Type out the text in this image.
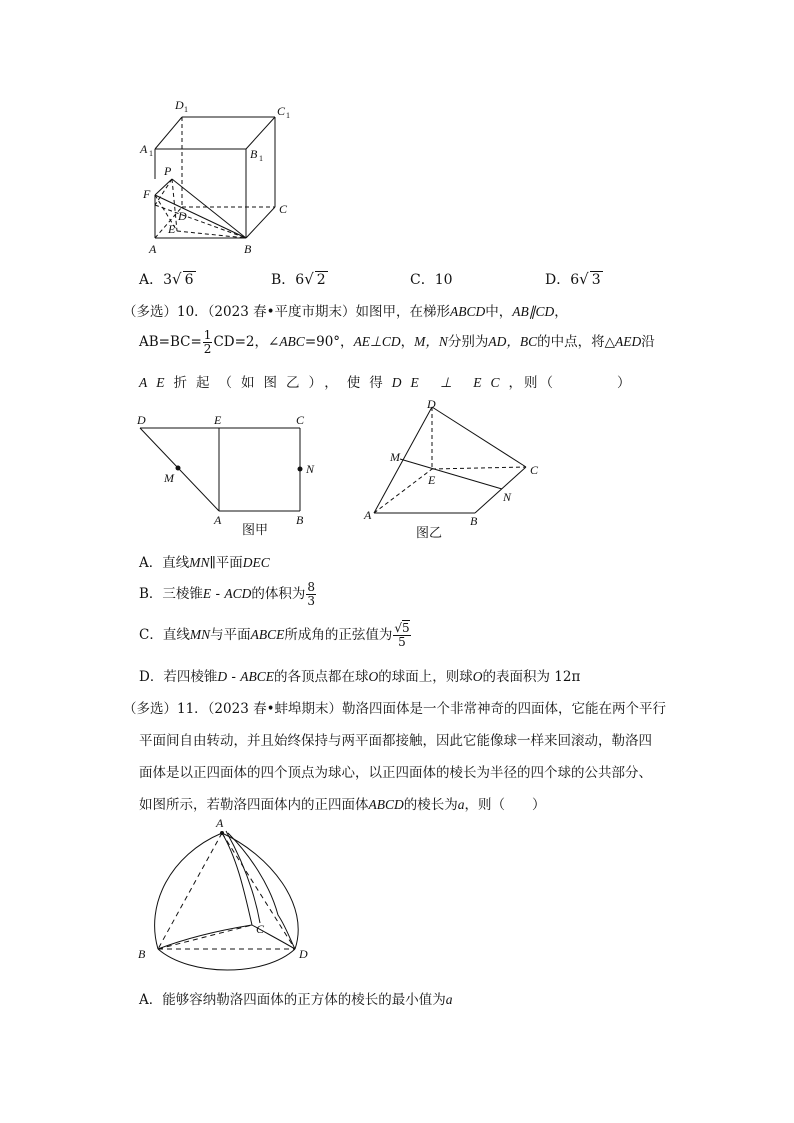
D 1	C 1
A 1	B 1
P
F
D
E
A	B
C
A．3√ 6	B．6√ 2	C．10	D．6√ 3
（多选）10．（2023 春•平度市期末）如图甲，在梯形ABCD中，AB∥CD，
$AB=BC= \frac{1}{2} CD=2$，∠ABC=90°，AE⊥CD，M，N分别为AD，BC的中点，将△AED沿
AE折起（如图乙），使得DE ⊥ EC，则（　　　　）
D	E	C
M
N
A	B
图甲
D
M
E
C
N
A	B
图乙
A．直线MN∥平面DEC
B．三棱锥E - ACD的体积为 $\frac{8}{3}$
C．直线MN与平面ABCE所成角的正弦值为 $\frac{√5}{5}$
D．若四棱锥D - ABCE的各顶点都在球O的球面上，则球O的表面积为 12π
（多选）11．（2023 春•蚌埠期末）勒洛四面体是一个非常神奇的四面体，它能在两个平行
平面间自由转动，并且始终保持与两平面都接触，因此它能像球一样来回滚动，勒洛四
面体是以正四面体的四个顶点为球心，以正四面体的棱长为半径的四个球的公共部分、
如图所示，若勒洛四面体内的正四面体ABCD的棱长为a，则（　　）
A
C
B	D
A．能够容纳勒洛四面体的正方体的棱长的最小值为a
